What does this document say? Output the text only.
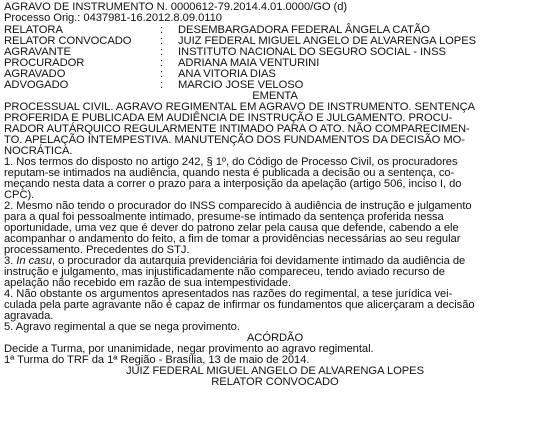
AGRAVO DE INSTRUMENTO N. 0000612-79.2014.4.01.0000/GO (d)
Processo Orig.: 0437981-16.2012.8.09.0110
RELATORA	:	DESEMBARGADORA FEDERAL ÂNGELA CATÃO
RELATOR CONVOCADO	:	JUIZ FEDERAL MIGUEL ANGELO DE ALVARENGA LOPES
AGRAVANTE	:	INSTITUTO NACIONAL DO SEGURO SOCIAL - INSS
PROCURADOR	:	ADRIANA MAIA VENTURINI
AGRAVADO	:	ANA VITORIA DIAS
ADVOGADO	:	MARCIO JOSE VELOSO
EMENTA
PROCESSUAL CIVIL. AGRAVO REGIMENTAL EM AGRAVO DE INSTRUMENTO. SENTENÇA
PROFERIDA E PUBLICADA EM AUDIÊNCIA DE INSTRUÇÃO E JULGAMENTO. PROCU-
RADOR AUTÁRQUICO REGULARMENTE INTIMADO PARA O ATO. NÃO COMPARECIMEN-
TO. APELAÇÃO INTEMPESTIVA. MANUTENÇÃO DOS FUNDAMENTOS DA DECISÃO MO-
NOCRÁTICA.
1. Nos termos do disposto no artigo 242, § 1º, do Código de Processo Civil, os procuradores
reputam-se intimados na audiência, quando nesta é publicada a decisão ou a sentença, co-
meçando nesta data a correr o prazo para a interposição da apelação (artigo 506, inciso I, do
CPC).
2. Mesmo não tendo o procurador do INSS comparecido à audiência de instrução e julgamento
para a qual foi pessoalmente intimado, presume-se intimado da sentença proferida nessa
oportunidade, uma vez que é dever do patrono zelar pela causa que defende, cabendo a ele
acompanhar o andamento do feito, a fim de tomar a providências necessárias ao seu regular
processamento. Precedentes do STJ.
3. In casu, o procurador da autarquia previdenciária foi devidamente intimado da audiência de
instrução e julgamento, mas injustificadamente não compareceu, tendo aviado recurso de
apelação não recebido em razão de sua intempestividade.
4. Não obstante os argumentos apresentados nas razões do regimental, a tese jurídica vei-
culada pela parte agravante não é capaz de infirmar os fundamentos que alicerçaram a decisão
agravada.
5. Agravo regimental a que se nega provimento.
ACÓRDÃO
Decide a Turma, por unanimidade, negar provimento ao agravo regimental.
1ª Turma do TRF da 1ª Região - Brasília, 13 de maio de 2014.
JUIZ FEDERAL MIGUEL ANGELO DE ALVARENGA LOPES
RELATOR CONVOCADO
